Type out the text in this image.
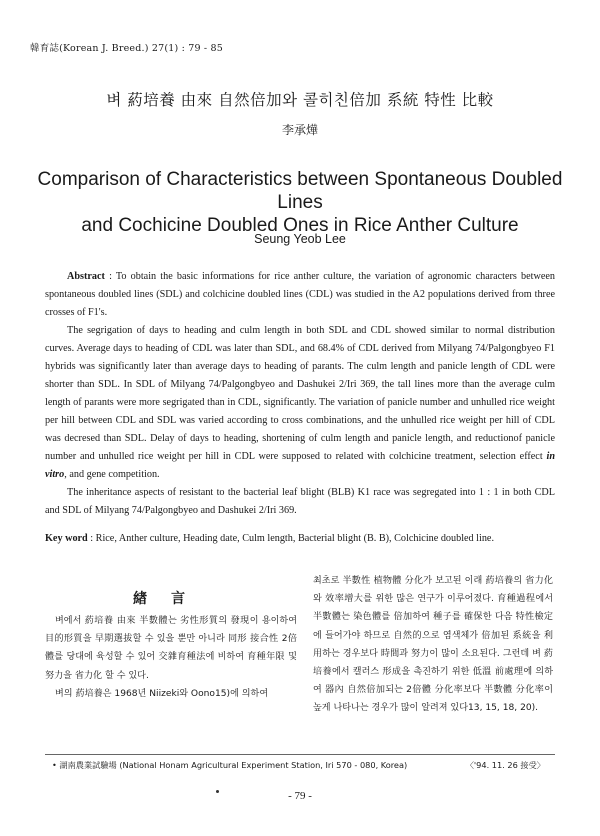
韓育誌(Korean J. Breed.) 27(1) : 79 - 85
벼 葯培養 由來 自然倍加와 콜히친倍加 系統 特性 比較
李承燁
Comparison of Characteristics between Spontaneous Doubled Lines
and Cochicine Doubled Ones in Rice Anther Culture
Seung Yeob Lee

Abstract : To obtain the basic informations for rice anther culture, the variation of agronomic characters between spontaneous doubled lines (SDL) and colchicine doubled lines (CDL) was studied in the A2 populations derived from three crosses of F1's.

The segrigation of days to heading and culm length in both SDL and CDL showed similar to normal distribution curves. Average days to heading of CDL was later than SDL, and 68.4% of CDL derived from Milyang 74/Palgongbyeo F1 hybrids was significantly later than average days to heading of parants. The culm length and panicle length of CDL were shorter than SDL. In SDL of Milyang 74/Palgongbyeo and Dashukei 2/Iri 369, the tall lines more than the average culm length of parants were more segrigated than in CDL, significantly. The variation of panicle number and unhulled rice weight per hill between CDL and SDL was varied according to cross combinations, and the unhulled rice weight per hill of CDL was decresed than SDL. Delay of days to heading, shortening of culm length and panicle length, and reductionof panicle number and unhulled rice weight per hill in CDL were supposed to related with colchicine treatment, selection effect in vitro, and gene competition.

The inheritance aspects of resistant to the bacterial leaf blight (BLB) K1 race was segregated into 1 : 1 in both CDL and SDL of Milyang 74/Palgongbyeo and Dashukei 2/Iri 369.

Key word : Rice, Anther culture, Heading date, Culm length, Bacterial blight (B. B), Colchicine doubled line.
緖言

벼에서 葯培養 由來 半數體는 劣性形質의 發現이 용이하여 目的形質을 早期選拔할 수 있을 뿐만 아니라 同形 接合性 2倍體를 당대에 육성할 수 있어 交雜育種法에 비하여 育種年限 및 努力을 省力化 할 수 있다.

벼의 葯培養은 1968년 Niizeki와 Oono15)에 의하여

최초로 半數性 植物體 分化가 보고된 이래 葯培養의 省力化와 效率增大를 위한 많은 연구가 이루어졌다. 育種過程에서 半數體는 染色體를 倍加하여 種子를 確保한 다음 特性檢定에 들어가야 하므로 自然的으로 염색체가 倍加된 系統을 利用하는 경우보다 時間과 努力이 많이 소요된다. 그런데 벼 葯培養에서 캘러스 形成을 촉진하기 위한 低溫 前處理에 의하여 器內 自然倍加되는 2倍體 分化率보다 半數體 分化率이 높게 나타나는 경우가 많이 알려져 있다13, 15, 18, 20).

• 湖南農業試驗場 (National Honam Agricultural Experiment Station, Iri 570 - 080, Korea)	〈'94. 11. 26 接受〉
- 79 -
